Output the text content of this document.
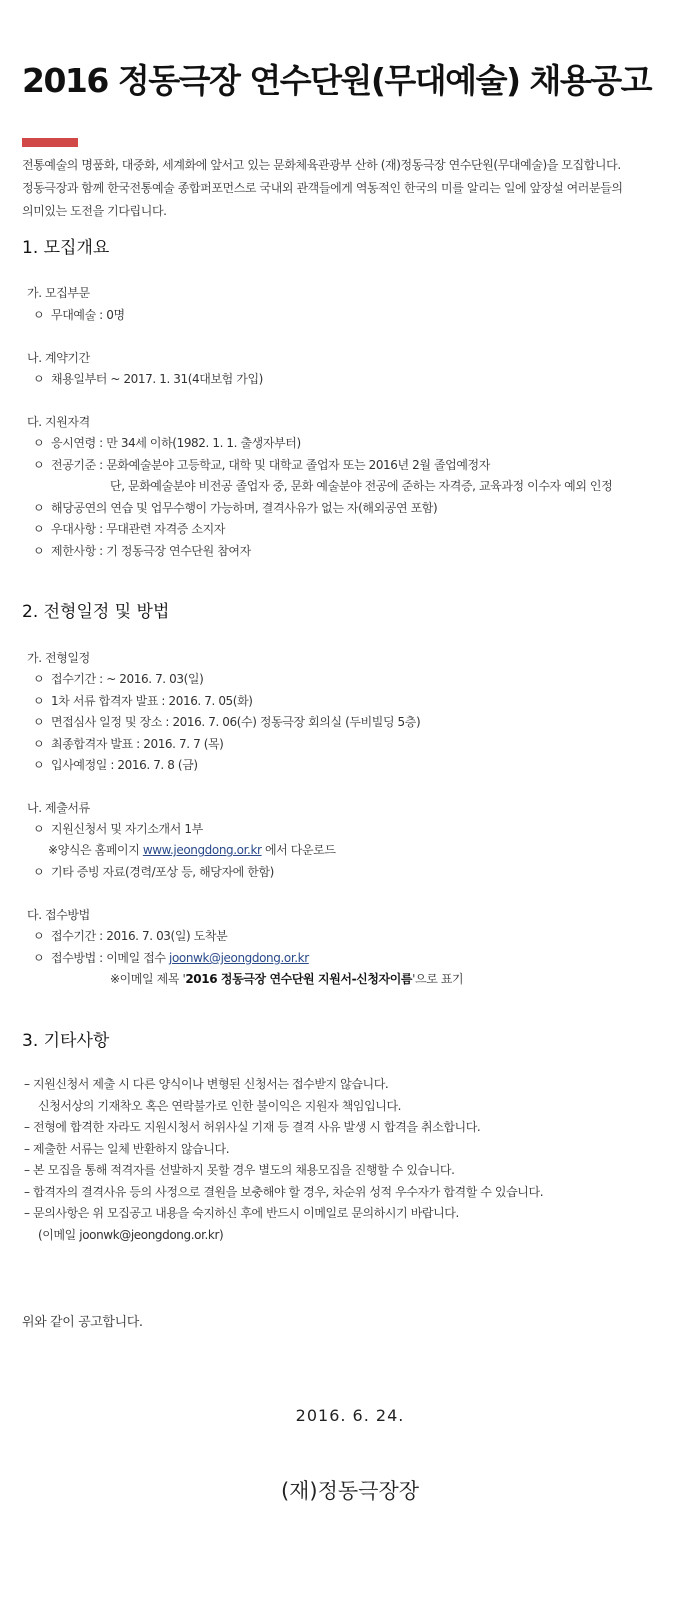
2016 정동극장 연수단원(무대예술) 채용공고
전통예술의 명품화, 대중화, 세계화에 앞서고 있는 문화체육관광부 산하 (재)정동극장 연수단원(무대예술)을 모집합니다.
정동극장과 함께 한국전통예술 종합퍼포먼스로 국내외 관객들에게 역동적인 한국의 미를 알리는 일에 앞장설 여러분들의
의미있는 도전을 기다립니다.
1. 모집개요
가. 모집부문
ㅇ 무대예술 : 0명
나. 계약기간
ㅇ 채용일부터 ~ 2017. 1. 31(4대보험 가입)
다. 지원자격
ㅇ 응시연령 : 만 34세 이하(1982. 1. 1. 출생자부터)
ㅇ 전공기준 : 문화예술분야 고등학교, 대학 및 대학교 졸업자 또는 2016년 2월 졸업예정자
단, 문화예술분야 비전공 졸업자 중, 문화 예술분야 전공에 준하는 자격증, 교육과정 이수자 예외 인정
ㅇ 해당공연의 연습 및 업무수행이 가능하며, 결격사유가 없는 자(해외공연 포함)
ㅇ 우대사항 : 무대관련 자격증 소지자
ㅇ 제한사항 : 기 정동극장 연수단원 참여자
2. 전형일정 및 방법
가. 전형일정
ㅇ 접수기간 : ~ 2016. 7. 03(일)
ㅇ 1차 서류 합격자 발표 : 2016. 7. 05(화)
ㅇ 면접심사 일정 및 장소 : 2016. 7. 06(수) 정동극장 회의실 (두비빌딩 5층)
ㅇ 최종합격자 발표 : 2016. 7. 7 (목)
ㅇ 입사예정일 : 2016. 7. 8 (금)
나. 제출서류
ㅇ 지원신청서 및 자기소개서 1부
※양식은 홈페이지 www.jeongdong.or.kr 에서 다운로드
ㅇ 기타 증빙 자료(경력/포상 등, 해당자에 한함)
다. 접수방법
ㅇ 접수기간 : 2016. 7. 03(일) 도착분
ㅇ 접수방법 : 이메일 접수 joonwk@jeongdong.or.kr
※이메일 제목 '2016 정동극장 연수단원 지원서-신청자이름'으로 표기
3. 기타사항
– 지원신청서 제출 시 다른 양식이나 변형된 신청서는 접수받지 않습니다.
신청서상의 기재착오 혹은 연락불가로 인한 불이익은 지원자 책임입니다.
– 전형에 합격한 자라도 지원시청서 허위사실 기재 등 결격 사유 발생 시 합격을 취소합니다.
– 제출한 서류는 일체 반환하지 않습니다.
– 본 모집을 통해 적격자를 선발하지 못할 경우 별도의 채용모집을 진행할 수 있습니다.
– 합격자의 결격사유 등의 사정으로 결원을 보충해야 할 경우, 차순위 성적 우수자가 합격할 수 있습니다.
– 문의사항은 위 모집공고 내용을 숙지하신 후에 반드시 이메일로 문의하시기 바랍니다.
(이메일 joonwk@jeongdong.or.kr)
위와 같이 공고합니다.
2016. 6. 24.
(재)정동극장장
